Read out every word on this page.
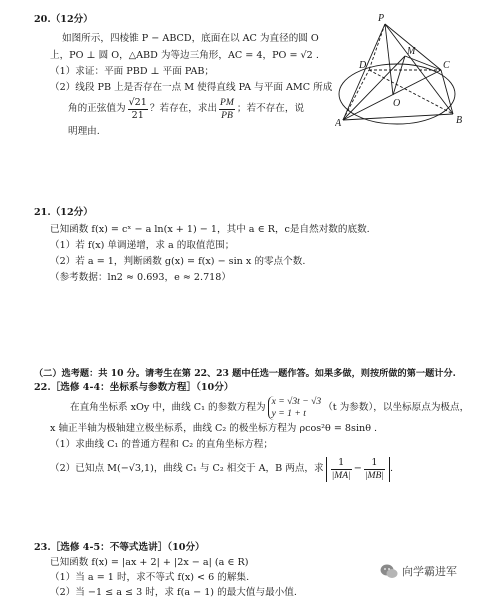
20.（12分）
如图所示，四棱锥 P − ABCD，底面在以 AC 为直径的圆 O
上，PO ⊥ 圆 O，△ABD 为等边三角形，AC = 4，PO = √2 .
（1）求证：平面 PBD ⊥ 平面 PAB；
（2）线段 PB 上是否存在一点 M 使得直线 PA 与平面 AMC 所成
角的正弦值为 $\frac{√21}{21}$ ？若存在，求出 $\frac{PM}{PB}$ ；若不存在，说
明理由.
P
M
D	C
O
A	B
21.（12分）
已知函数 f(x) = cˣ − a ln(x + 1) − 1，其中 a ∈ R，c是自然对数的底数.
（1）若 f(x) 单调递增，求 a 的取值范围；
（2）若 a = 1，判断函数 g(x) = f(x) − sin x 的零点个数.
（参考数据：ln2 ≈ 0.693，e ≈ 2.718）
（二）选考题：共 10 分。请考生在第 22、23 题中任选一题作答。如果多做，则按所做的第一题计分.
22.［选修 4-4：坐标系与参数方程］（10分）
在直角坐标系 xOy 中，曲线 C₁ 的参数方程为
x = √3t − √3
y = 1 + t
（t 为参数），以坐标原点为极点，
x 轴正半轴为极轴建立极坐标系，曲线 C₂ 的极坐标方程为 ρcos²θ = 8sinθ .
（1）求曲线 C₁ 的普通方程和 C₂ 的直角坐标方程；
（2）已知点 M(−√3,1)，曲线 C₁ 与 C₂ 相交于 A，B 两点，求 $\frac{1}{|MA|} - \frac{1}{|MB|}$ .
23.［选修 4-5：不等式选讲］（10分）
已知函数 f(x) = |ax + 2| + |2x − a| (a ∈ R)
（1）当 a = 1 时，求不等式 f(x) < 6 的解集.
（2）当 −1 ≤ a ≤ 3 时，求 f(a − 1) 的最大值与最小值.
向学霸进军
